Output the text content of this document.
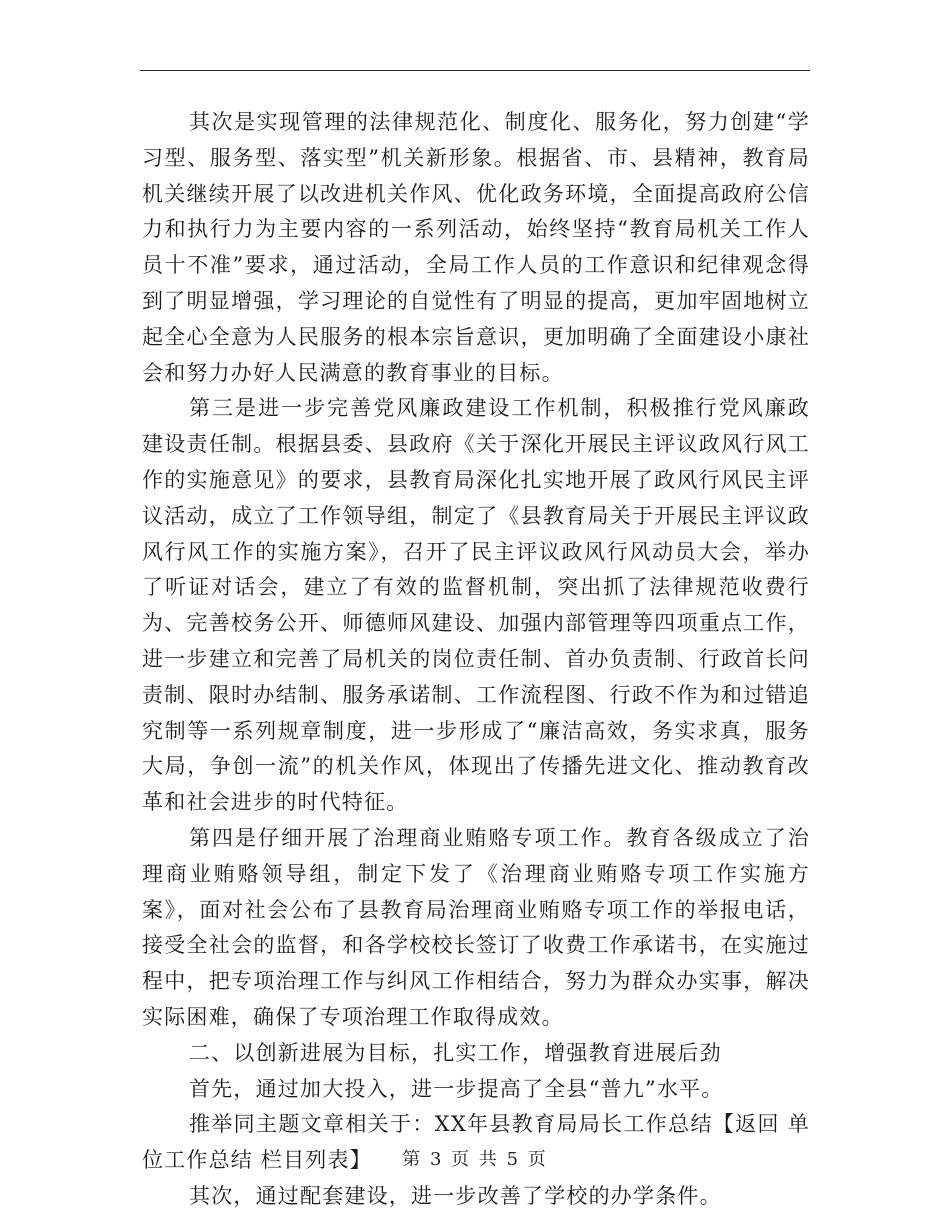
其次是实现管理的法律规范化、制度化、服务化，努力创建“学习型、服务型、落实型”机关新形象。根据省、市、县精神，教育局机关继续开展了以改进机关作风、优化政务环境，全面提高政府公信力和执行力为主要内容的一系列活动，始终坚持“教育局机关工作人员十不准”要求，通过活动，全局工作人员的工作意识和纪律观念得到了明显增强，学习理论的自觉性有了明显的提高，更加牢固地树立起全心全意为人民服务的根本宗旨意识，更加明确了全面建设小康社会和努力办好人民满意的教育事业的目标。

第三是进一步完善党风廉政建设工作机制，积极推行党风廉政建设责任制。根据县委、县政府《关于深化开展民主评议政风行风工作的实施意见》的要求，县教育局深化扎实地开展了政风行风民主评议活动，成立了工作领导组，制定了《县教育局关于开展民主评议政风行风工作的实施方案》，召开了民主评议政风行风动员大会，举办了听证对话会，建立了有效的监督机制，突出抓了法律规范收费行为、完善校务公开、师德师风建设、加强内部管理等四项重点工作，进一步建立和完善了局机关的岗位责任制、首办负责制、行政首长问责制、限时办结制、服务承诺制、工作流程图、行政不作为和过错追究制等一系列规章制度，进一步形成了“廉洁高效，务实求真，服务大局，争创一流”的机关作风，体现出了传播先进文化、推动教育改革和社会进步的时代特征。

第四是仔细开展了治理商业贿赂专项工作。教育各级成立了治理商业贿赂领导组，制定下发了《治理商业贿赂专项工作实施方案》，面对社会公布了县教育局治理商业贿赂专项工作的举报电话，接受全社会的监督，和各学校校长签订了收费工作承诺书，在实施过程中，把专项治理工作与纠风工作相结合，努力为群众办实事，解决实际困难，确保了专项治理工作取得成效。

二、以创新进展为目标，扎实工作，增强教育进展后劲

首先，通过加大投入，进一步提高了全县“普九”水平。

推举同主题文章相关于：XX年县教育局局长工作总结【返回 单位工作总结 栏目列表】

其次，通过配套建设，进一步改善了学校的办学条件。

第 3 页 共 5 页
